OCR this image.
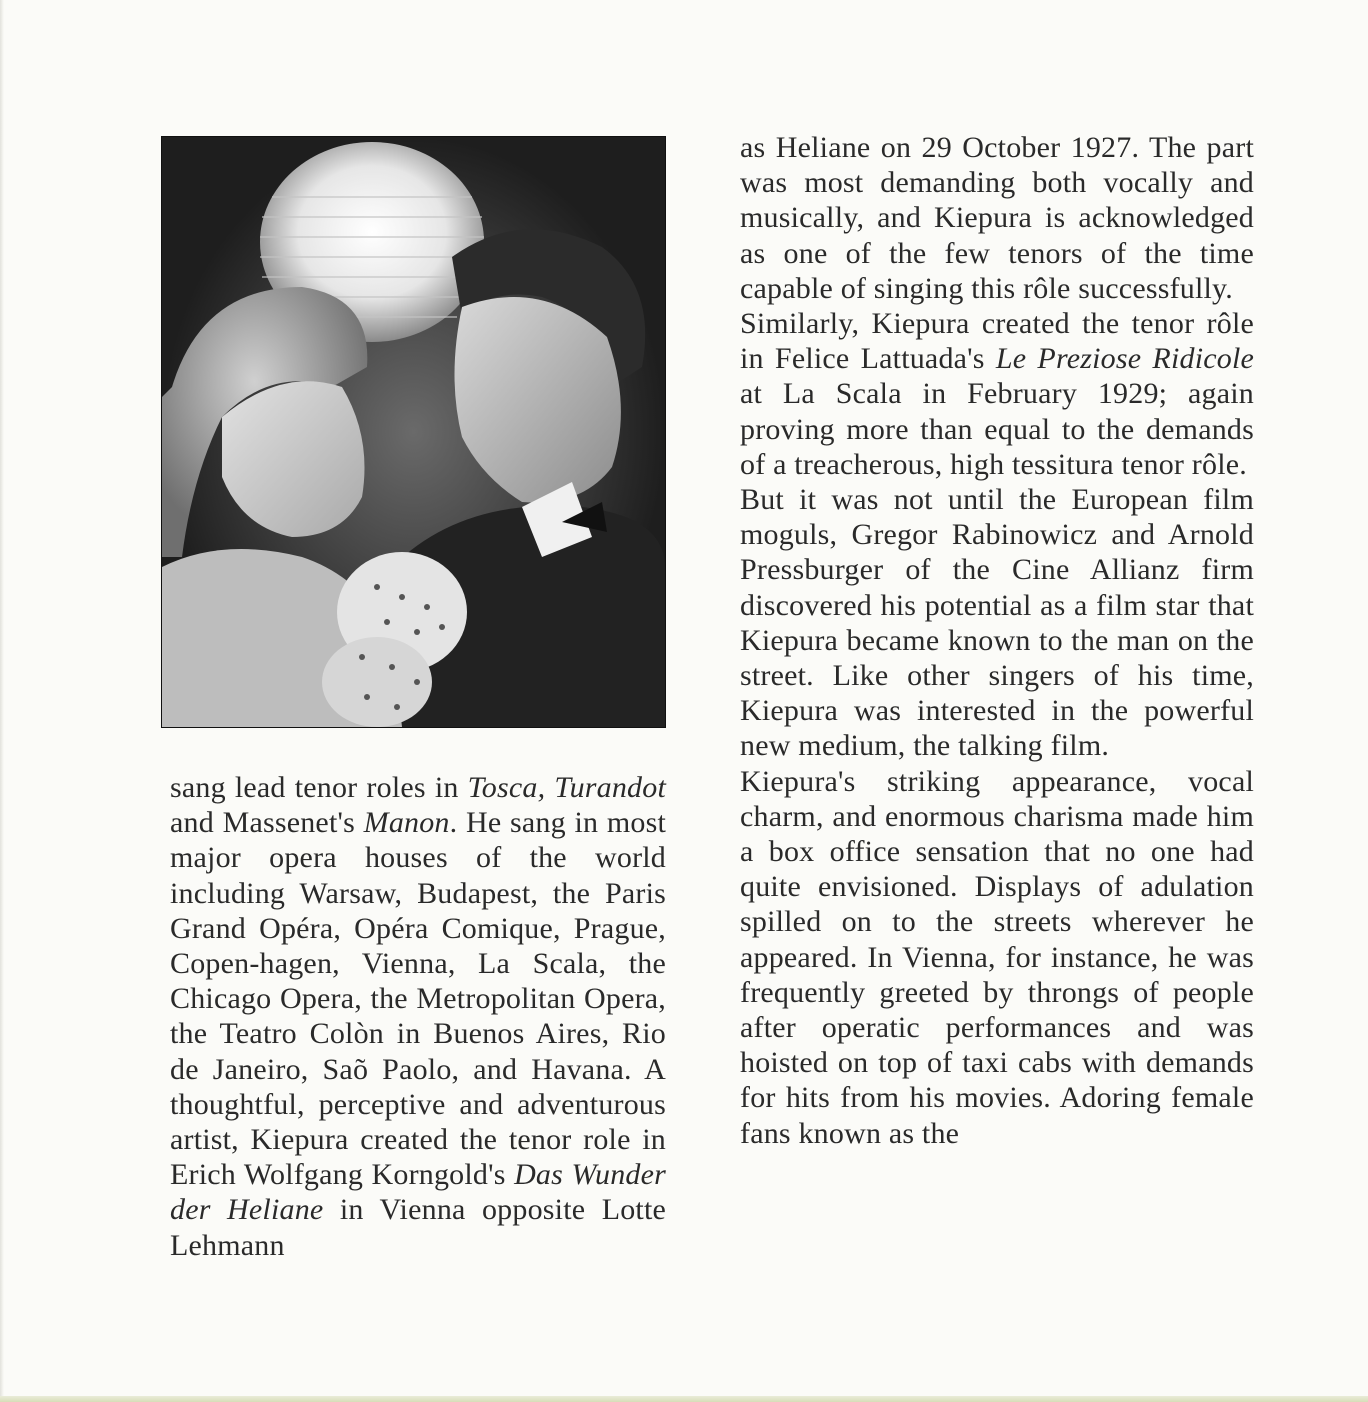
sang lead tenor roles in Tosca, Turandot and Massenet's Manon. He sang in most major opera houses of the world including Warsaw, Budapest, the Paris Grand Opéra, Opéra Comique, Prague, Copen-hagen, Vienna, La Scala, the Chicago Opera, the Metropolitan Opera, the Teatro Colòn in Buenos Aires, Rio de Janeiro, Saõ Paolo, and Havana. A thoughtful, perceptive and adventurous artist, Kiepura created the tenor role in Erich Wolfgang Korngold's Das Wunder der Heliane in Vienna opposite Lotte Lehmann

as Heliane on 29 October 1927. The part was most demanding both vocally and musically, and Kiepura is acknowledged as one of the few tenors of the time capable of singing this rôle successfully.

Similarly, Kiepura created the tenor rôle in Felice Lattuada's Le Preziose Ridicole at La Scala in February 1929; again proving more than equal to the demands of a treacherous, high tessitura tenor rôle.

But it was not until the European film moguls, Gregor Rabinowicz and Arnold Pressburger of the Cine Allianz firm discovered his potential as a film star that Kiepura became known to the man on the street. Like other singers of his time, Kiepura was interested in the powerful new medium, the talking film.

Kiepura's striking appearance, vocal charm, and enormous charisma made him a box office sensation that no one had quite envisioned. Displays of adulation spilled on to the streets wherever he appeared. In Vienna, for instance, he was frequently greeted by throngs of people after operatic performances and was hoisted on top of taxi cabs with demands for hits from his movies. Adoring female fans known as the
